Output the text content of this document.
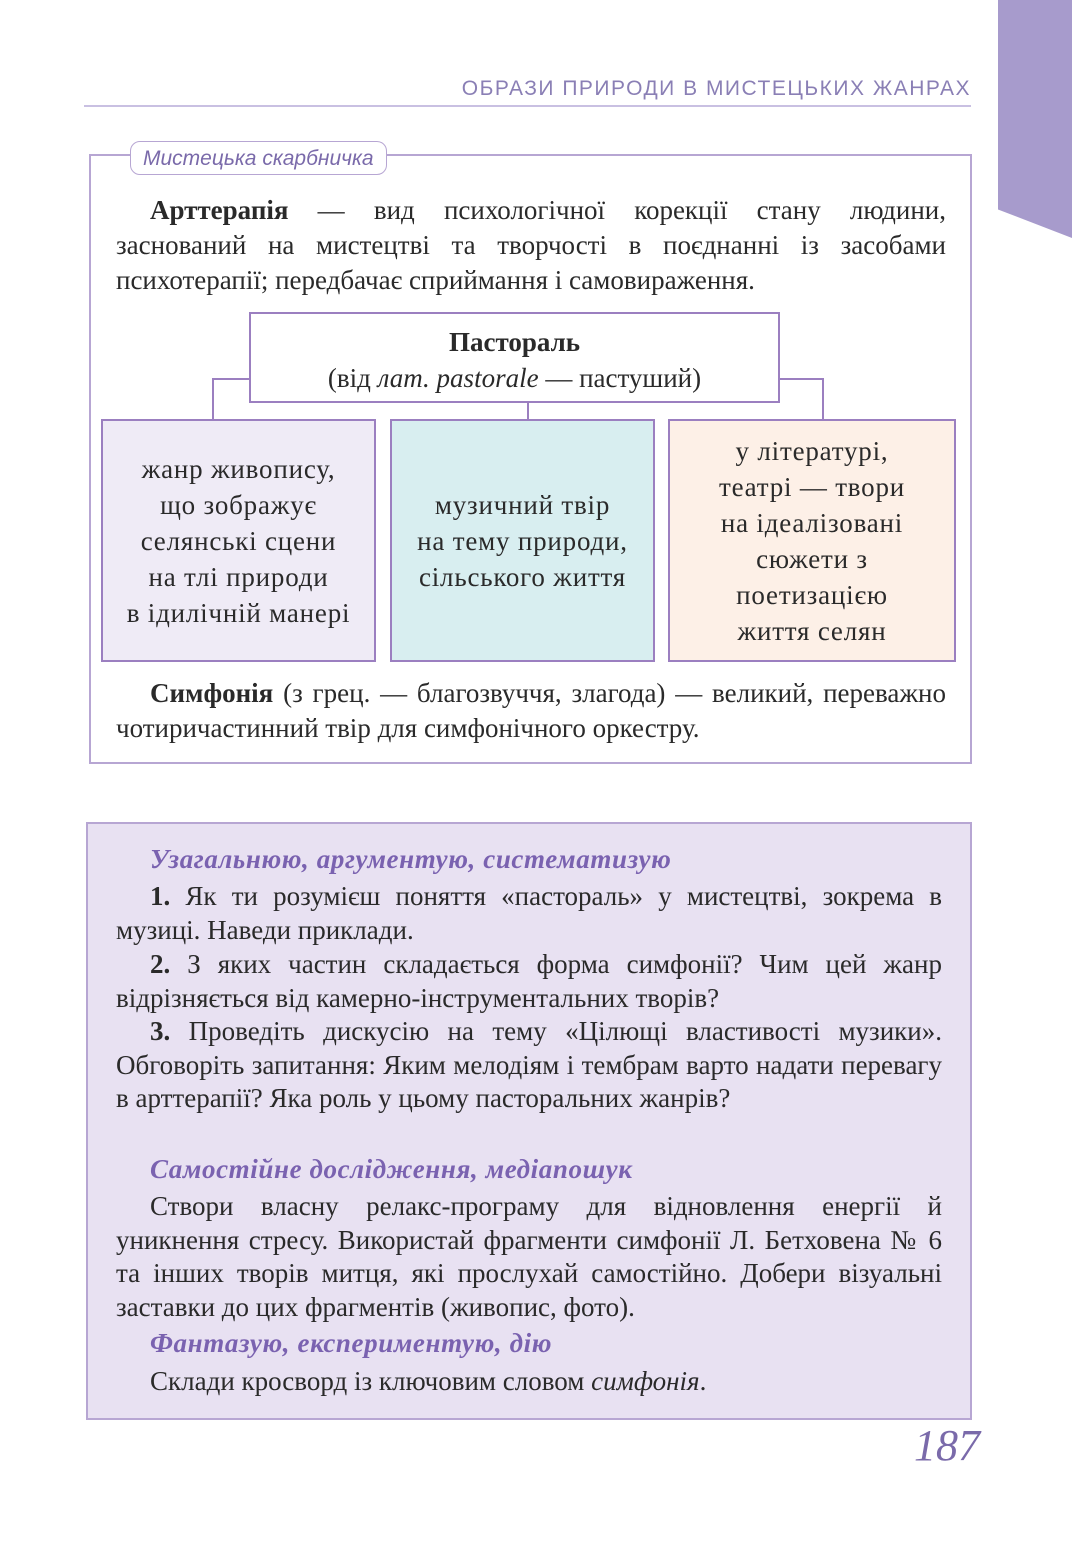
ОБРАЗИ ПРИРОДИ В МИСТЕЦЬКИХ ЖАНРАХ
Мистецька скарбничка

Арттерапія — вид психологічної корекції стану людини, заснований на мистецтві та творчості в поєднанні із засобами психотерапії; передбачає сприймання і самовираження.

Пастораль
(від лат. pastorale — пастуший)
жанр живопису,
що зображує
селянські сцени
на тлі природи
в ідилічній манері
музичний твір
на тему природи,
сільського життя
у літературі,
театрі — твори
на ідеалізовані
сюжети з
поетизацією
життя селян

Симфонія (з грец. — благозвуччя, злагода) — великий, переважно чотиричастинний твір для симфонічного оркестру.

Узагальнюю, аргументую, систематизую

1. Як ти розумієш поняття «пастораль» у мистецтві, зокрема в музиці. Наведи приклади.

2. З яких частин складається форма симфонії? Чим цей жанр відрізняється від камерно-інструментальних творів?

3. Проведіть дискусію на тему «Цілющі властивості музики». Обговоріть запитання: Яким мелодіям і тембрам варто надати перевагу в арттерапії? Яка роль у цьому пасторальних жанрів?

Самостійне дослідження, медіапошук

Створи власну релакс-програму для відновлення енергії й уникнення стресу. Використай фрагменти симфонії Л. Бетховена № 6 та інших творів митця, які прослухай самостійно. Добери візуальні заставки до цих фрагментів (живопис, фото).

Фантазую, експериментую, дію

Склади кросворд із ключовим словом симфонія.

187
